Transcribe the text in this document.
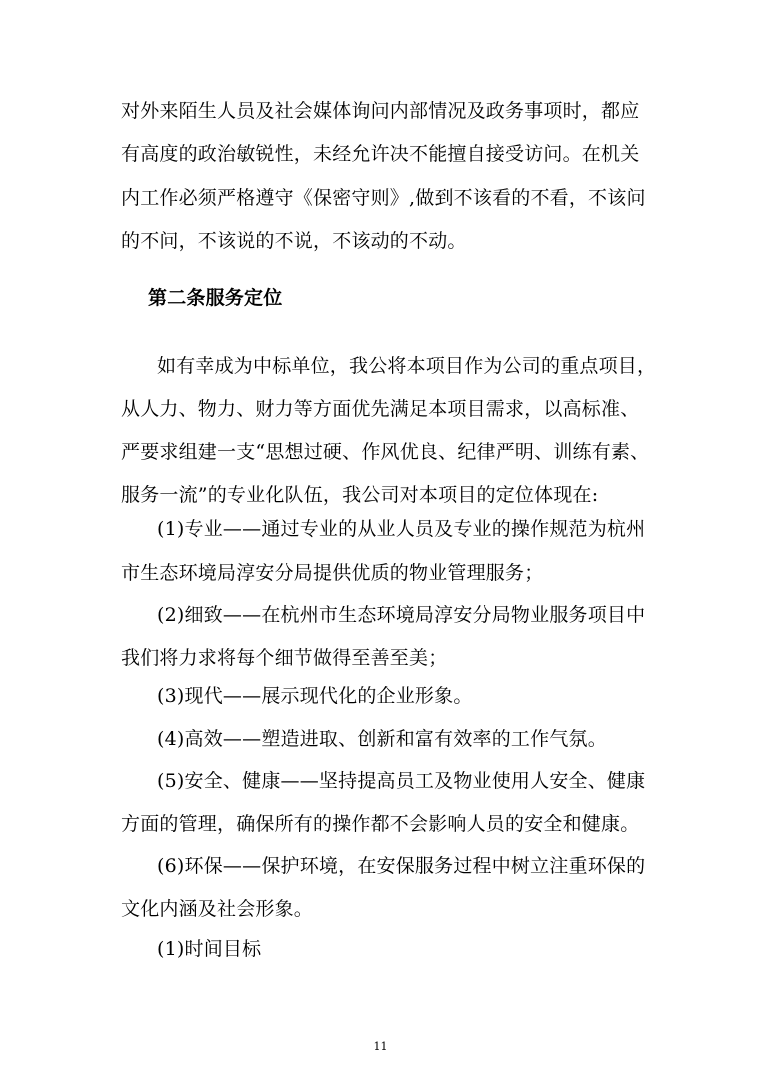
对外来陌生人员及社会媒体询问内部情况及政务事项时，都应
有高度的政治敏锐性，未经允许决不能擅自接受访问。在机关
内工作必须严格遵守《保密守则》,做到不该看的不看，不该问
的不问，不该说的不说，不该动的不动。
第二条服务定位
如有幸成为中标单位，我公将本项目作为公司的重点项目，
从人力、物力、财力等方面优先满足本项目需求，以高标准、
严要求组建一支“思想过硬、作风优良、纪律严明、训练有素、
服务一流”的专业化队伍，我公司对本项目的定位体现在:
(1)专业——通过专业的从业人员及专业的操作规范为杭州
市生态环境局淳安分局提供优质的物业管理服务；
(2)细致——在杭州市生态环境局淳安分局物业服务项目中
我们将力求将每个细节做得至善至美；
(3)现代——展示现代化的企业形象。
(4)高效——塑造进取、创新和富有效率的工作气氛。
(5)安全、健康——坚持提高员工及物业使用人安全、健康
方面的管理，确保所有的操作都不会影响人员的安全和健康。
(6)环保——保护环境，在安保服务过程中树立注重环保的
文化内涵及社会形象。
(1)时间目标
11
